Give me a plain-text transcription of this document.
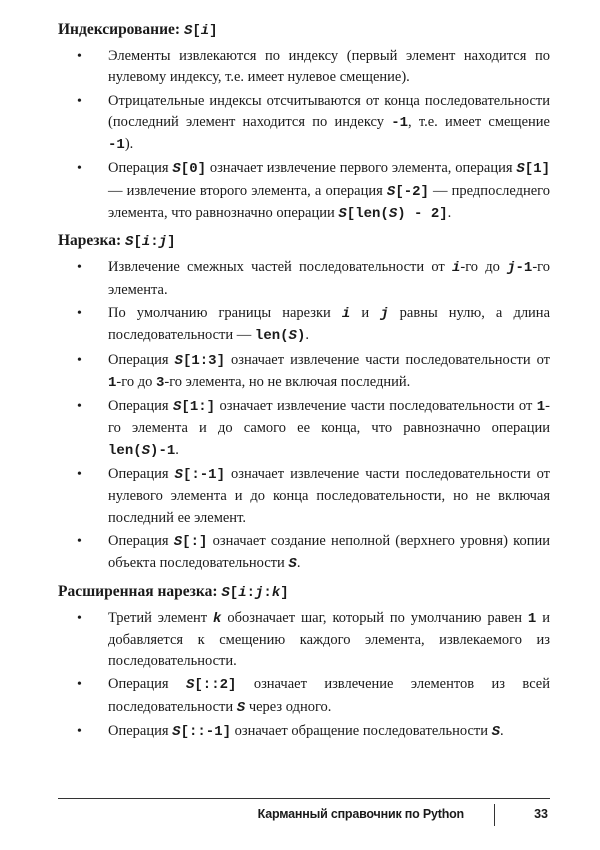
Индексирование: S[i]
• Элементы извлекаются по индексу (первый элемент находится по нулевому индексу, т.е. имеет нулевое смещение).
• Отрицательные индексы отсчитываются от конца последовательности (последний элемент находится по индексу -1, т.е. имеет смещение -1).
• Операция S[0] означает извлечение первого элемента, операция S[1] — извлечение второго элемента, а операция S[-2] — предпоследнего элемента, что равнозначно операции S[len(S) - 2].
Нарезка: S[i:j]
• Извлечение смежных частей последовательности от i-го до j-1-го элемента.
• По умолчанию границы нарезки i и j равны нулю, а длина последовательности — len(S).
• Операция S[1:3] означает извлечение части последовательности от 1-го до 3-го элемента, но не включая последний.
• Операция S[1:] означает извлечение части последовательности от 1-го элемента и до самого ее конца, что равнозначно операции len(S)-1.
• Операция S[:-1] означает извлечение части последовательности от нулевого элемента и до конца последовательности, но не включая последний ее элемент.
• Операция S[:] означает создание неполной (верхнего уровня) копии объекта последовательности S.
Расширенная нарезка: S[i:j:k]
• Третий элемент k обозначает шаг, который по умолчанию равен 1 и добавляется к смещению каждого элемента, извлекаемого из последовательности.
• Операция S[::2] означает извлечение элементов из всей последовательности S через одного.
• Операция S[::-1] означает обращение последовательности S.
Карманный справочник по Python	33
